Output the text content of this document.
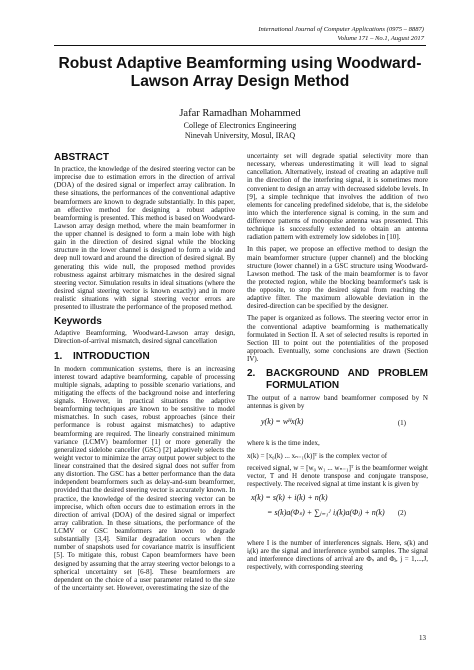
International Journal of Computer Applications (0975 – 8887)
Volume 171 – No.1, August 2017
Robust Adaptive Beamforming using Woodward-Lawson Array Design Method
Jafar Ramadhan Mohammed
College of Electronics Engineering
Ninevah University, Mosul, IRAQ
ABSTRACT

In practice, the knowledge of the desired steering vector can be imprecise due to estimation errors in the direction of arrival (DOA) of the desired signal or imperfect array calibration. In these situations, the performances of the conventional adaptive beamformers are known to degrade substantially. In this paper, an effective method for designing a robust adaptive beamforming is presented. This method is based on Woodward-Lawson array design method, where the main beamformer in the upper channel is designed to form a main lobe with high gain in the direction of desired signal while the blocking structure in the lower channel is designed to form a wide and deep null toward and around the direction of desired signal. By generating this wide null, the proposed method provides robustness against arbitrary mismatches in the desired signal steering vector. Simulation results in ideal situations (where the desired signal steering vector is known exactly) and in more realistic situations with signal steering vector errors are presented to illustrate the performance of the proposed method.

Keywords

Adaptive Beamforming, Woodward-Lawson array design, Direction-of-arrival mismatch, desired signal cancellation

1.	INTRODUCTION

In modern communication systems, there is an increasing interest toward adaptive beamforming, capable of processing multiple signals, adapting to possible scenario variations, and mitigating the effects of the background noise and interfering signals. However, in practical situations the adaptive beamforming techniques are known to be sensitive to model mismatches. In such cases, robust approaches (since their performance is robust against mismatches) to adaptive beamforming are required. The linearly constrained minimum variance (LCMV) beamformer [1] or more generally the generalized sidelobe canceller (GSC) [2] adaptively selects the weight vector to minimize the array output power subject to the linear constrained that the desired signal does not suffer from any distortion. The GSC has a better performance than the data independent beamformers such as delay-and-sum beamformer, provided that the desired steering vector is accurately known. In practice, the knowledge of the desired steering vector can be imprecise, which often occurs due to estimation errors in the direction of arrival (DOA) of the desired signal or imperfect array calibration. In these situations, the performance of the LCMV or GSC beamformers are known to degrade substantially [3,4]. Similar degradation occurs when the number of snapshots used for covariance matrix is insufficient [5]. To mitigate this, robust Capon beamformers have been designed by assuming that the array steering vector belongs to a spherical uncertainty set [6-8]. These beamformers are dependent on the choice of a user parameter related to the size of the uncertainty set. However, overestimating the size of the

uncertainty set will degrade spatial selectivity more than necessary, whereas underestimating it will lead to signal cancellation. Alternatively, instead of creating an adaptive null in the direction of the interfering signal, it is sometimes more convenient to design an array with decreased sidelobe levels. In [9], a simple technique that involves the addition of two elements for canceling predefined sidelobe, that is, the sidelobe into which the interference signal is coming, in the sum and difference patterns of monopulse antenna was presented. This technique is successfully extended to obtain an antenna radiation pattern with extremely low sidelobes in [10].

In this paper, we propose an effective method to design the main beamformer structure (upper channel) and the blocking structure (lower channel) in a GSC structure using Woodward-Lawson method. The task of the main beamformer is to favor the protected region, while the blocking beamformer's task is the opposite, to stop the desired signal from reaching the adaptive filter. The maximum allowable deviation in the desired-direction can be specified by the designer.

The paper is organized as follows. The steering vector error in the conventional adaptive beamforming is mathematically formulated in Section II. A set of selected results is reported in Section III to point out the potentialities of the proposed approach. Eventually, some conclusions are drawn (Section IV).

2.	BACKGROUND AND PROBLEM FORMULATION

The output of a narrow band beamformer composed by N antennas is given by

y(k) = wᴴx(k)	(1)

where k is the time index,

x(k) = [x₀(k) ... xₙ₋₁(k)]ᵀ is the complex vector of

received signal, w = [w₀ w₁ ... wₙ₋₁]ᵀ is the beamformer weight vector, T and H denote transpose and conjugate transpose, respectively. The received signal at time instant k is given by

x(k) = s(k) + i(k) + n(k)
= s(k)a(Φₛ) + ∑ⱼ₌₁ᴶ iⱼ(k)a(Φⱼ) + n(k) (2)

where I is the number of interferences signals. Here, s(k) and iⱼ(k) are the signal and interference symbol samples. The signal and interference directions of arrival are Φₛ and Φⱼ, j = 1,...,J, respectively, with corresponding steering

13
